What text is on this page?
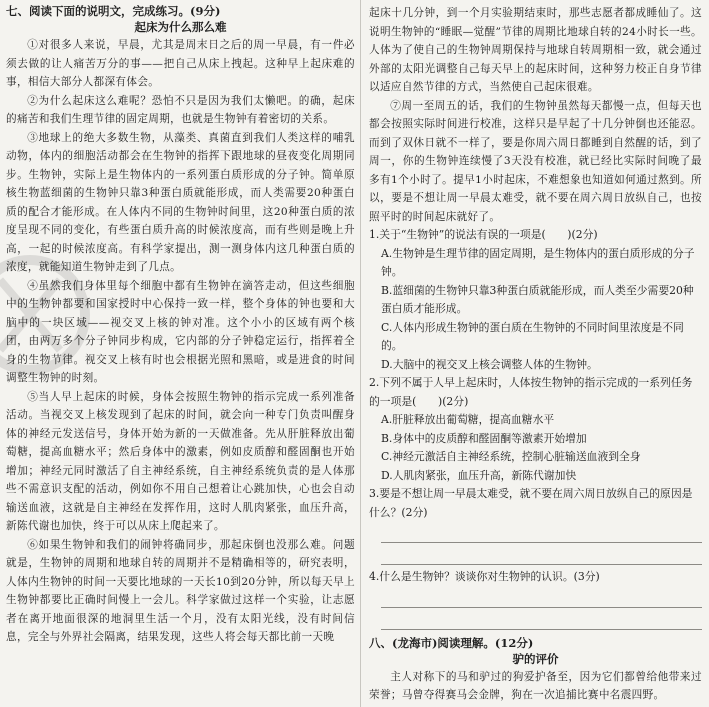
七、阅读下面的说明文，完成练习。(9分)
起床为什么那么难

①对很多人来说，早晨，尤其是周末日之后的周一早晨，有一件必须去做的让人痛苦万分的事——把自己从床上拽起。这种早上起床难的事，相信大部分人都深有体会。

②为什么起床这么难呢？恐怕不只是因为我们太懒吧。的确，起床的痛苦和我们生理节律的固定周期，也就是生物钟有着密切的关系。

③地球上的绝大多数生物，从藻类、真菌直到我们人类这样的哺乳动物，体内的细胞活动都会在生物钟的指挥下跟地球的昼夜变化周期同步。生物钟，实际上是生物体内的一系列蛋白质形成的分子钟。简单原核生物蓝细菌的生物钟只靠3种蛋白质就能形成，而人类需要20种蛋白质的配合才能形成。在人体内不同的生物钟时间里，这20种蛋白质的浓度呈现不同的变化，有些蛋白质升高的时候浓度高，而有些则是晚上升高，一起的时候浓度高。有科学家提出，测一测身体内这几种蛋白质的浓度，就能知道生物钟走到了几点。

④虽然我们身体里每个细胞中都有生物钟在滴答走动，但这些细胞中的生物钟都要和国家授时中心保持一致一样，整个身体的钟也要和大脑中的一块区域——视交叉上核的钟对准。这个小小的区域有两个核团，由两万多个分子钟同步构成，它内部的分子钟稳定运行，指挥着全身的生物节律。视交叉上核有时也会根据光照和黑暗，或是进食的时间调整生物钟的时刻。

⑤当人早上起床的时候，身体会按照生物钟的指示完成一系列准备活动。当视交叉上核发现到了起床的时间，就会向一种专门负责叫醒身体的神经元发送信号，身体开始为新的一天做准备。先从肝脏释放出葡萄糖，提高血糖水平；然后身体中的激素，例如皮质醇和醛固酮也开始增加；神经元同时激活了自主神经系统，自主神经系统负责的是人体那些不需意识支配的活动，例如你不用自己想着让心跳加快，心也会自动输送血液，这就是自主神经在发挥作用，这时人肌肉紧张，血压升高，新陈代谢也加快，终于可以从床上爬起来了。

⑥如果生物钟和我们的闹钟将确同步，那起床倒也没那么难。问题就是，生物钟的周期和地球自转的周期并不是精确相等的，研究表明，人体内生物钟的时间一天要比地球的一天长10到20分钟，所以每天早上生物钟都要比正确时间慢上一会儿。科学家做过这样一个实验，让志愿者在离开地面很深的地洞里生活一个月，没有太阳光线，没有时间信息，完全与外界社会隔离，结果发现，这些人将会每天都比前一天晚

起床十几分钟，到一个月实验期结束时，那些志愿者都成睡仙了。这说明生物钟的“睡眠—觉醒”节律的周期比地球自转的24小时长一些。人体为了使自己的生物钟周期保持与地球自转周期相一致，就会通过外部的太阳光调整自己每天早上的起床时间，这种努力校正自身节律以适应自然节律的方式，当然使自己起床很难。

⑦周一至周五的话，我们的生物钟虽然每天都慢一点，但每天也都会按照实际时间进行校准，这样只是早起了十几分钟倒也还能忍。而到了双休日就不一样了，要是你周六周日都睡到自然醒的话，到了周一，你的生物钟连续慢了3天没有校准，就已经比实际时间晚了最多有1个小时了。提早1小时起床，不难想象也知道如何通过熬到。所以，要是不想让周一早晨太难受，就不要在周六周日放纵自己，也按照平时的时间起床就好了。

1.关于“生物钟”的说法有误的一项是(　　)(2分)

A.生物钟是生理节律的固定周期，是生物体内的蛋白质形成的分子钟。

B.蓝细菌的生物钟只靠3种蛋白质就能形成，而人类至少需要20种蛋白质才能形成。

C.人体内形成生物钟的蛋白质在生物钟的不同时间里浓度是不同的。

D.大脑中的视交叉上核会调整人体的生物钟。

2.下列不属于人早上起床时，人体按生物钟的指示完成的一系列任务的一项是(　　)(2分)

A.肝脏释放出葡萄糖，提高血糖水平

B.身体中的皮质醇和醛固酮等激素开始增加

C.神经元激活自主神经系统，控制心脏输送血液到全身

D.人肌肉紧张，血压升高，新陈代谢加快

3.要是不想让周一早晨太难受，就不要在周六周日放纵自己的原因是什么？(2分)

4.什么是生物钟？谈谈你对生物钟的认识。(3分)

八、(龙海市)阅读理解。(12分)
驴的评价

主人对称下的马和驴过的狗爱护备至，因为它们都曾给他带来过荣誉；马曾夺得赛马会金牌，狗在一次追捕比赛中名震四野。
